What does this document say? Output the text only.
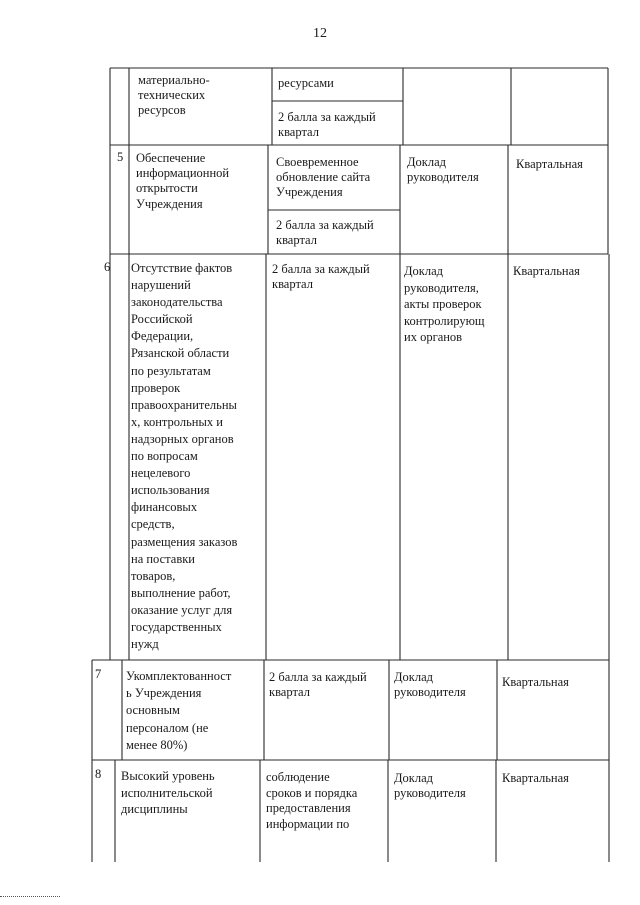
12
материально-
технических
ресурсов
ресурсами
2 балла за каждый
квартал
5 Обеспечение
информационной
открытости
Учреждения
Своевременное
обновление сайта
Учреждения
2 балла за каждый
квартал
Доклад
руководителя
Квартальная
6 Отсутствие фактов
нарушений
законодательства
Российской
Федерации,
Рязанской области
по результатам
проверок
правоохранительны
х, контрольных и
надзорных органов
по вопросам
нецелевого
использования
финансовых
средств,
размещения заказов
на поставки
товаров,
выполнение работ,
оказание услуг для
государственных
нужд
2 балла за каждый
квартал
Доклад
руководителя,
акты проверок
контролирующ
их органов
Квартальная
7 Укомплектованност
ь Учреждения
основным
персоналом (не
менее 80%)
2 балла за каждый
квартал
Доклад
руководителя
Квартальная
8 Высокий уровень
исполнительской
дисциплины
соблюдение
сроков и порядка
предоставления
информации по
Доклад
руководителя
Квартальная
